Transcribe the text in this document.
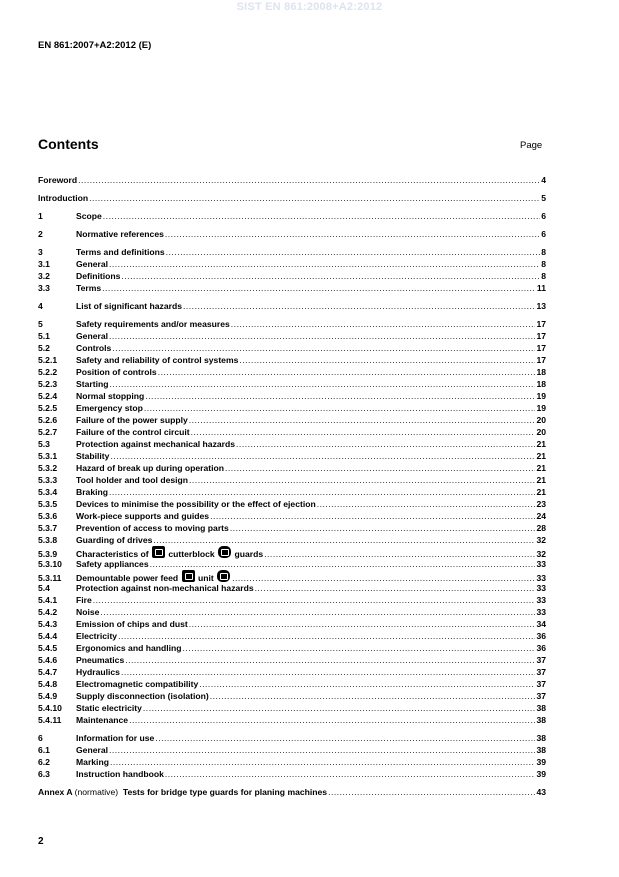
SIST EN 861:2008+A2:2012
EN 861:2007+A2:2012 (E)
Contents	Page
Foreword .....	4
Introduction .....	5
1	Scope .....	6
2	Normative references .....	6
3	Terms and definitions .....	8
3.1	General .....	8
3.2	Definitions .....	8
3.3	Terms .....	11
4	List of significant hazards .....	13
5	Safety requirements and/or measures .....	17
5.1	General .....	17
5.2	Controls .....	17
5.2.1	Safety and reliability of control systems .....	17
5.2.2	Position of controls .....	18
5.2.3	Starting .....	18
5.2.4	Normal stopping .....	19
5.2.5	Emergency stop .....	19
5.2.6	Failure of the power supply .....	20
5.2.7	Failure of the control circuit .....	20
5.3	Protection against mechanical hazards .....	21
5.3.1	Stability .....	21
5.3.2	Hazard of break up during operation .....	21
5.3.3	Tool holder and tool design .....	21
5.3.4	Braking .....	21
5.3.5	Devices to minimise the possibility or the effect of ejection .....	23
5.3.6	Work-piece supports and guides .....	24
5.3.7	Prevention of access to moving parts .....	28
5.3.8	Guarding of drives .....	32
5.3.9	Characteristics of cutterblock guards .....	32
5.3.10	Safety appliances .....	33
5.3.11	Demountable power feed unit .....	33
5.4	Protection against non-mechanical hazards .....	33
5.4.1	Fire .....	33
5.4.2	Noise .....	33
5.4.3	Emission of chips and dust .....	34
5.4.4	Electricity .....	36
5.4.5	Ergonomics and handling .....	36
5.4.6	Pneumatics .....	37
5.4.7	Hydraulics .....	37
5.4.8	Electromagnetic compatibility .....	37
5.4.9	Supply disconnection (isolation) .....	37
5.4.10	Static electricity .....	38
5.4.11	Maintenance .....	38
6	Information for use .....	38
6.1	General .....	38
6.2	Marking .....	39
6.3	Instruction handbook .....	39
Annex A (normative) Tests for bridge type guards for planing machines .....	43
2
